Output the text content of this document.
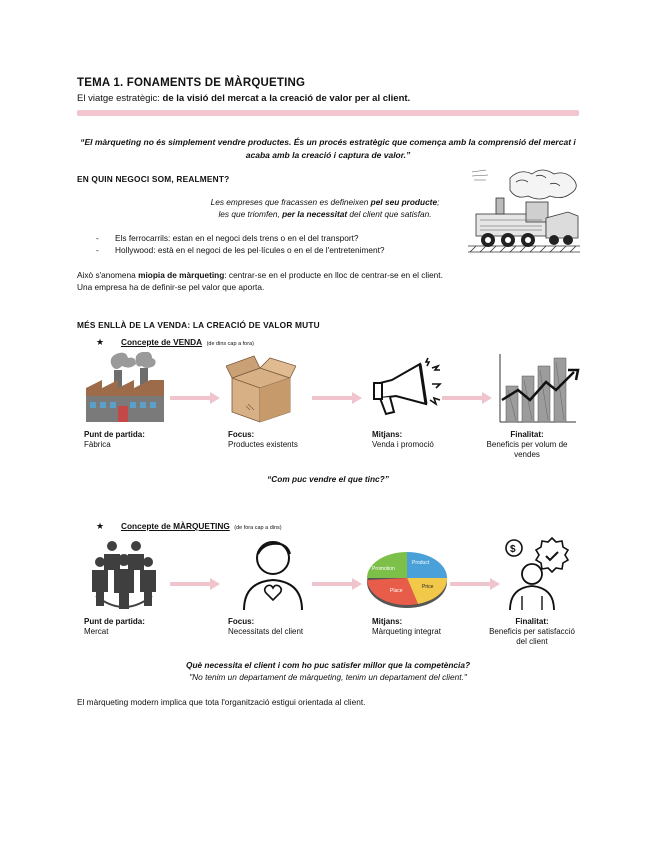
TEMA 1. FONAMENTS DE MÀRQUETING
El viatge estratègic: de la visió del mercat a la creació de valor per al client.
“El màrqueting no és simplement vendre productes. És un procés estratègic que comença amb la comprensió del mercat i acaba amb la creació i captura de valor.”
EN QUIN NEGOCI SOM, REALMENT?
Les empreses que fracassen es defineixen pel seu producte;
les que triomfen, per la necessitat del client que satisfan.
-	Els ferrocarrils: estan en el negoci dels trens o en el del transport?
-	Hollywood: està en el negoci de les pel·lícules o en el de l'entreteniment?
Això s'anomena miopia de màrqueting: centrar-se en el producte en lloc de centrar-se en el client.
Una empresa ha de definir-se pel valor que aporta.
MÉS ENLLÀ DE LA VENDA: LA CREACIÓ DE VALOR MUTU
★ Concepte de VENDA (de dins cap a fora)
Punt de partida:
Fàbrica
Focus:
Productes existents
Mitjans:
Venda i promoció
Finalitat:
Beneficis per volum de vendes
“Com puc vendre el que tinc?”
★ Concepte de MÀRQUETING (de fora cap a dins)
Promotion
Product
Price
Place
$
Punt de partida:
Mercat
Focus:
Necessitats del client
Mitjans:
Màrqueting integrat
Finalitat:
Beneficis per satisfacció del client
Què necessita el client i com ho puc satisfer millor que la competència?
"No tenim un departament de màrqueting, tenim un departament del client."
El màrqueting modern implica que tota l'organització estigui orientada al client.
